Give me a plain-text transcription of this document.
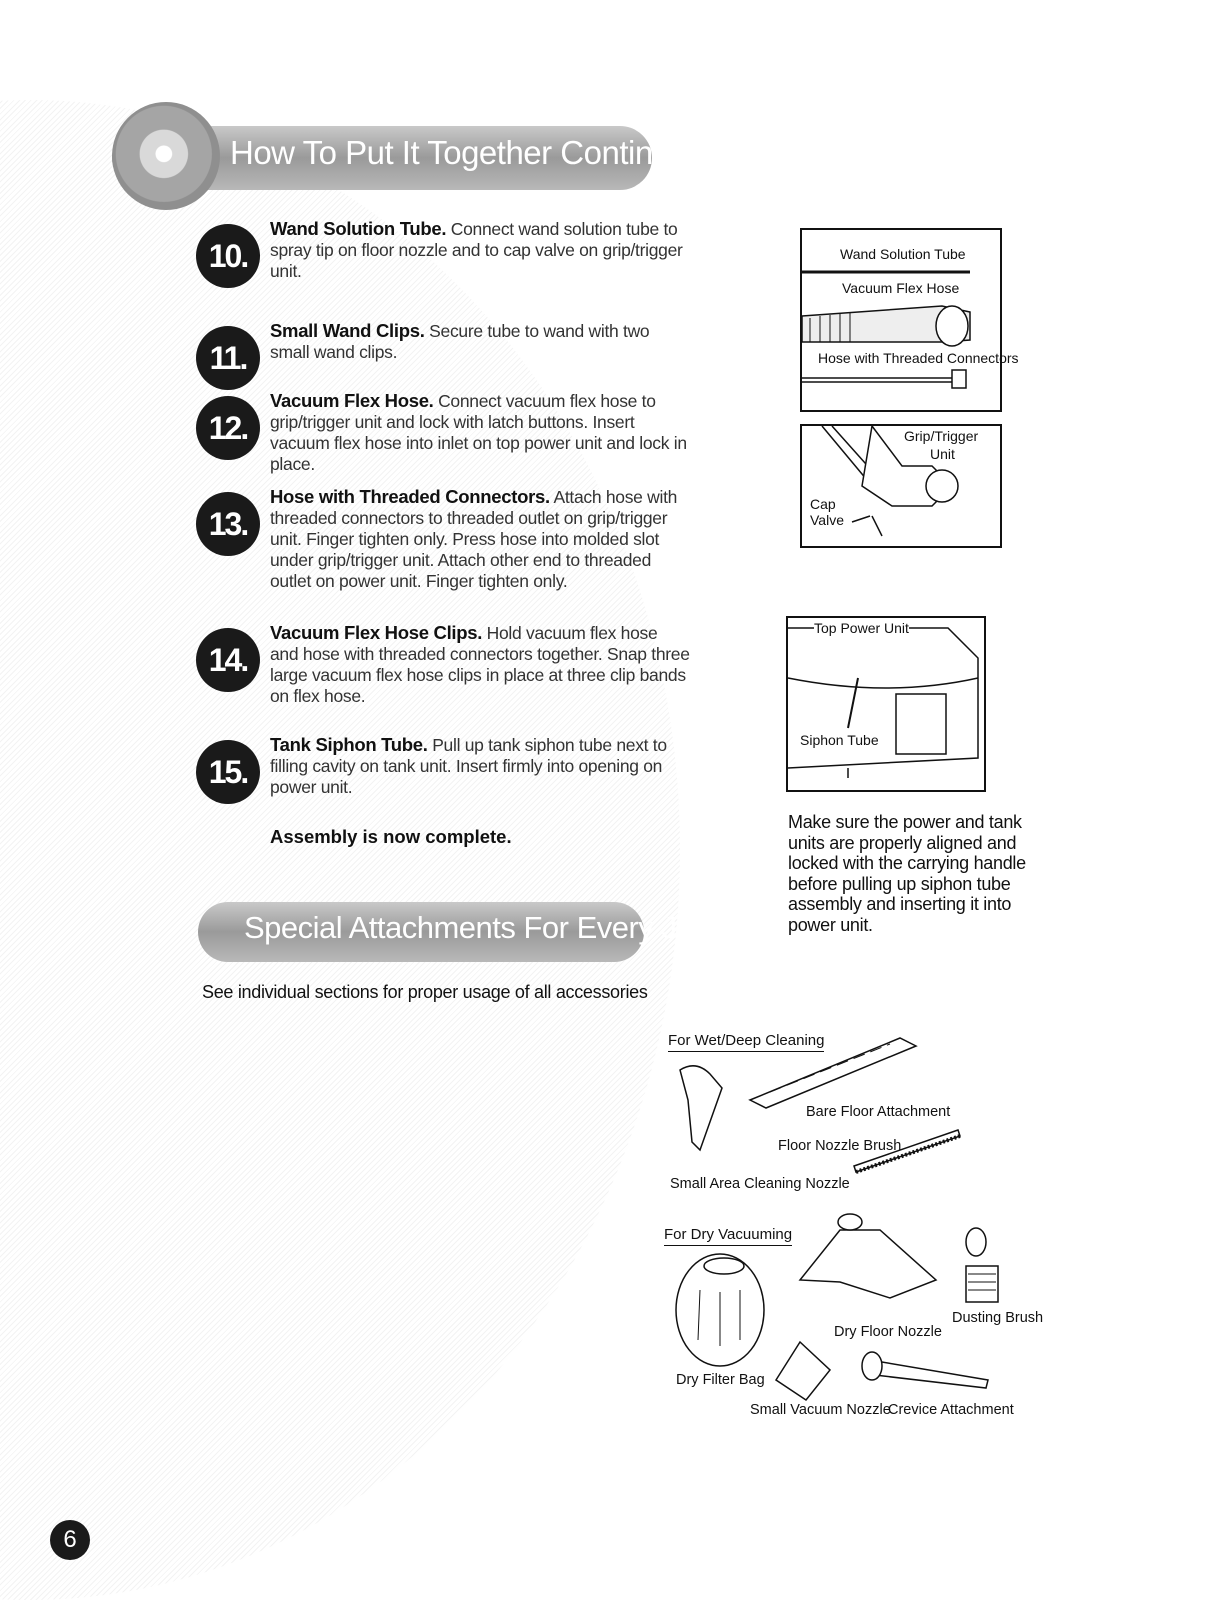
How To Put It Together Continued
10.
Wand Solution Tube. Connect wand solution tube to spray tip on floor nozzle and to cap valve on grip/trigger unit.
11.
Small Wand Clips. Secure tube to wand with two small wand clips.
12.
Vacuum Flex Hose. Connect vacuum flex hose to grip/trigger unit and lock with latch buttons. Insert vacuum flex hose into inlet on top power unit and lock in place.
13.
Hose with Threaded Connectors. Attach hose with threaded connectors to threaded outlet on grip/trigger unit. Finger tighten only. Press hose into molded slot under grip/trigger unit. Attach other end to threaded outlet on power unit. Finger tighten only.
14.
Vacuum Flex Hose Clips. Hold vacuum flex hose and hose with threaded connectors together. Snap three large vacuum flex hose clips in place at three clip bands on flex hose.
15.
Tank Siphon Tube. Pull up tank siphon tube next to filling cavity on tank unit. Insert firmly into opening on power unit.
Assembly is now complete.
Wand Solution Tube
Vacuum Flex Hose
Hose with Threaded Connectors
Grip/Trigger
Unit
Cap
Valve
Top Power Unit
Siphon Tube
Make sure the power and tank units are properly aligned and locked with the carrying handle before pulling up siphon tube assembly and inserting it into power unit.
Special Attachments For Every Job
See individual sections for proper usage of all accessories
For Wet/Deep Cleaning
Bare Floor Attachment
Floor Nozzle Brush
Small Area Cleaning Nozzle
For Dry Vacuuming
Dusting Brush
Dry Floor Nozzle
Dry Filter Bag
Small Vacuum Nozzle
Crevice Attachment
6
